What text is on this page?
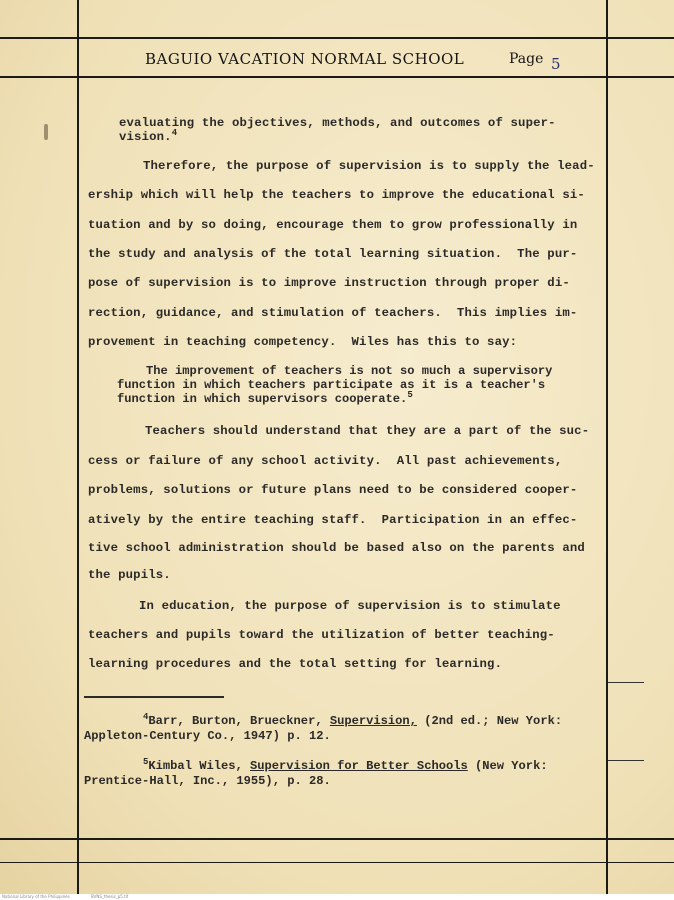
BAGUIO VACATION NORMAL SCHOOL	Page 5
evaluating the objectives, methods, and outcomes of super-
vision.$^4$
Therefore, the purpose of supervision is to supply the lead-
ership which will help the teachers to improve the educational si-
tuation and by so doing, encourage them to grow professionally in
the study and analysis of the total learning situation.  The pur-
pose of supervision is to improve instruction through proper di-
rection, guidance, and stimulation of teachers.  This implies im-
provement in teaching competency.  Wiles has this to say:
The improvement of teachers is not so much a supervisory
function in which teachers participate as it is a teacher's
function in which supervisors cooperate.$^5$
Teachers should understand that they are a part of the suc-
cess or failure of any school activity.  All past achievements,
problems, solutions or future plans need to be considered cooper-
atively by the entire teaching staff.  Participation in an effec-
tive school administration should be based also on the parents and
the pupils.
In education, the purpose of supervision is to stimulate
teachers and pupils toward the utilization of better teaching-
learning procedures and the total setting for learning.
$^4$Barr, Burton, Brueckner, Supervision, (2nd ed.; New York:
Appleton-Century Co., 1947) p. 12.
$^5$Kimbal Wiles, Supervision for Better Schools (New York:
Prentice-Hall, Inc., 1955), p. 28.
National Library of the Philippines	BVNS_thesis_p5.tif
